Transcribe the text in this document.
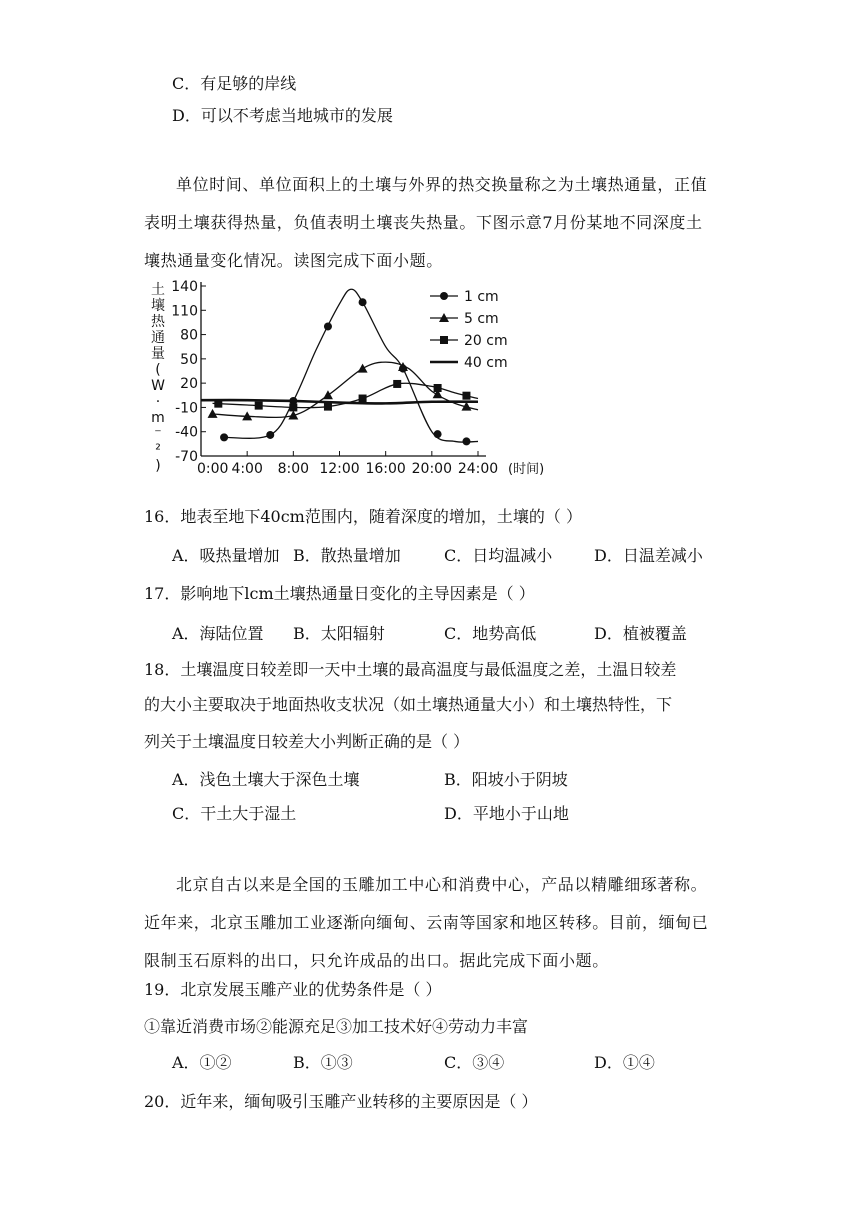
C．有足够的岸线
D．可以不考虑当地城市的发展
单位时间、单位面积上的土壤与外界的热交换量称之为土壤热通量，正值表明土壤获得热量，负值表明土壤丧失热量。下图示意7月份某地不同深度土壤热通量变化情况。读图完成下面小题。
140
110
80
50
20
-10
-40
-70
0:00 4:00 8:00 12:00 16:00 20:00 24:00 (时间)
土壤热通量( W · m ⁻ ² )
1 cm
5 cm
20 cm
40 cm
16．地表至地下40cm范围内，随着深度的增加，土壤的（ ）
A．吸热量增加 B．散热量增加	C．日均温减小	D．日温差减小
17．影响地下lcm土壤热通量日变化的主导因素是（ ）
A．海陆位置 B．太阳辐射	C．地势高低	D．植被覆盖
18．土壤温度日较差即一天中土壤的最高温度与最低温度之差，土温日较差
的大小主要取决于地面热收支状况（如土壤热通量大小）和土壤热特性，下
列关于土壤温度日较差大小判断正确的是（ ）
A．浅色土壤大于深色土壤	B．阳坡小于阴坡
C．干土大于湿土	D．平地小于山地
北京自古以来是全国的玉雕加工中心和消费中心，产品以精雕细琢著称。近年来，北京玉雕加工业逐渐向缅甸、云南等国家和地区转移。目前，缅甸已限制玉石原料的出口，只允许成品的出口。据此完成下面小题。
19．北京发展玉雕产业的优势条件是（ ）
①靠近消费市场②能源充足③加工技术好④劳动力丰富
A．①②	B．①③	C．③④	D．①④
20．近年来，缅甸吸引玉雕产业转移的主要原因是（ ）
